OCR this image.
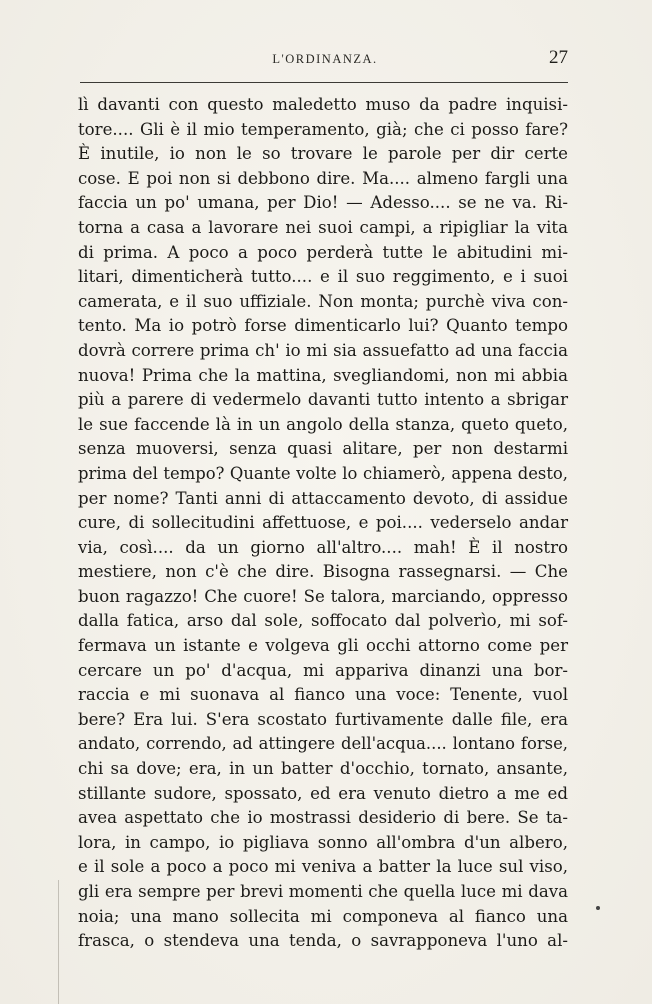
L'ORDINANZA.	27
lì davanti con questo maledetto muso da padre inquisi-
tore.... Gli è il mio temperamento, già; che ci posso fare?
È inutile, io non le so trovare le parole per dir certe
cose. E poi non si debbono dire. Ma.... almeno fargli una
faccia un po' umana, per Dio! — Adesso.... se ne va. Ri-
torna a casa a lavorare nei suoi campi, a ripigliar la vita
di prima. A poco a poco perderà tutte le abitudini mi-
litari, dimenticherà tutto.... e il suo reggimento, e i suoi
camerata, e il suo uffiziale. Non monta; purchè viva con-
tento. Ma io potrò forse dimenticarlo lui? Quanto tempo
dovrà correre prima ch' io mi sia assuefatto ad una faccia
nuova! Prima che la mattina, svegliandomi, non mi abbia
più a parere di vedermelo davanti tutto intento a sbrigar
le sue faccende là in un angolo della stanza, queto queto,
senza muoversi, senza quasi alitare, per non destarmi
prima del tempo? Quante volte lo chiamerò, appena desto,
per nome? Tanti anni di attaccamento devoto, di assidue
cure, di sollecitudini affettuose, e poi.... vederselo andar
via, così.... da un giorno all'altro.... mah! È il nostro
mestiere, non c'è che dire. Bisogna rassegnarsi. — Che
buon ragazzo! Che cuore! Se talora, marciando, oppresso
dalla fatica, arso dal sole, soffocato dal polverìo, mi sof-
fermava un istante e volgeva gli occhi attorno come per
cercare un po' d'acqua, mi appariva dinanzi una bor-
raccia e mi suonava al fianco una voce: Tenente, vuol
bere? Era lui. S'era scostato furtivamente dalle file, era
andato, correndo, ad attingere dell'acqua.... lontano forse,
chi sa dove; era, in un batter d'occhio, tornato, ansante,
stillante sudore, spossato, ed era venuto dietro a me ed
avea aspettato che io mostrassi desiderio di bere. Se ta-
lora, in campo, io pigliava sonno all'ombra d'un albero,
e il sole a poco a poco mi veniva a batter la luce sul viso,
gli era sempre per brevi momenti che quella luce mi dava
noia; una mano sollecita mi componeva al fianco una
frasca, o stendeva una tenda, o savrapponeva l'uno al-
